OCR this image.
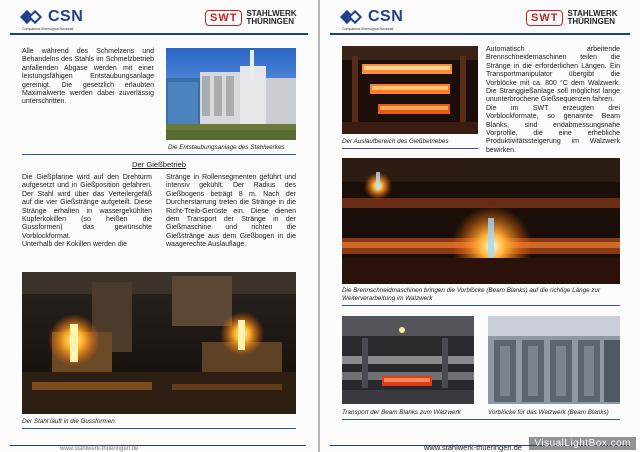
CSN
Companhia Siderúrgica Nacional
SWT	STAHLWERK
THÜRINGEN
Alle während des Schmelzens und Behandelns des Stahls im Schmelzbetrieb anfallenden Abgase werden mit einer leistungsfähigen Entstaubungsanlage gereinigt. Die gesetzlich erlaubten Maximalwerte werden dabei zuverlässig unterschritten.
Die Entstaubungsanlage des Stahlwerkes
Der Gießbetrieb
Die Gießpfanne wird auf den Drehturm aufgesetzt und in Gießposition gefahren. Der Stahl wird über das Verteilergefäß auf die vier Gießstränge aufgeteilt. Diese Stränge erhalten in wassergekühlten Kupferkokillen (so heißen die Gussformen) das gewünschte Vorblockformat.
Unterhalb der Kokillen werden die
Stränge in Rollensegmenten geführt und intensiv gekühlt. Der Radius des Gießbogens beträgt 8 m. Nach der Durcherstarrung treten die Stränge in die Richt-Treib-Gerüste ein. Diese dienen dem Transport der Stränge in der Gießmaschine und richten die Gießstränge aus dem Gießbogen in die waagerechte Auslauflage.
Der Stahl läuft in die Gussformen
www.stahlwerk-thueringen.de
CSN
Companhia Siderúrgica Nacional
SWT	STAHLWERK
THÜRINGEN
Der Auslaufbereich des Gießbetriebes
Automatisch arbeitende Brennschneidemaschinen teilen die Stränge in die erforderlichen Längen. Ein Transportmanipulator übergibt die Vorblöcke mit ca. 800 °C dem Walzwerk. Die Stranggießanlage soll möglichst lange ununterbrochene Gießsequenzen fahren.
Die im SWT erzeugten drei Vorblockformate, so genannte Beam Blanks, sind endabmessungsnahe Vorprofile, die eine erhebliche Produktivitätssteigerung im Walzwerk bewirken.
Die Brennschneidmaschinen bringen die Vorblöcke (Beam Blanks) auf die richtige Länge zur Weiterverarbeitung im Walzwerk
Transport der Beam Blanks zum Walzwerk	Vorblöcke für das Walzwerk (Beam Blanks)
www.stahlwerk-thueringen.de	VisualLightBox.com
